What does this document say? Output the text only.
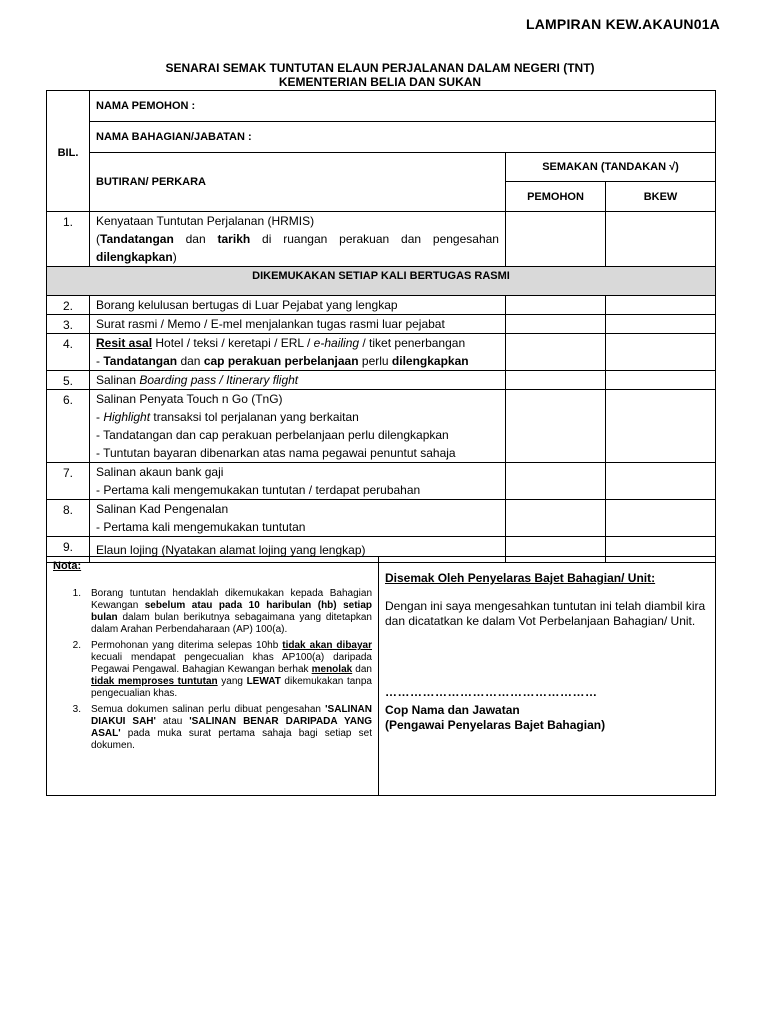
LAMPIRAN KEW.AKAUN01A
SENARAI SEMAK TUNTUTAN ELAUN PERJALANAN DALAM NEGERI (TNT)
KEMENTERIAN BELIA DAN SUKAN
BIL.	NAMA PEMOHON :		
	NAMA BAHAGIAN/JABATAN :		
	BUTIRAN/ PERKARA	SEMAKAN (TANDAKAN √)	
		PEMOHON	BKEW
1.	Kenyataan Tuntutan Perjalanan (HRMIS)
(Tandatangan dan tarikh di ruangan perakuan dan pengesahan
dilengkapkan)		

DIKEMUKAKAN SETIAP KALI BERTUGAS RASMI			
2.	Borang kelulusan bertugas di Luar Pejabat yang lengkap		
3.	Surat rasmi / Memo / E-mel menjalankan tugas rasmi luar pejabat		
4.	Resit asal Hotel / teksi / keretapi / ERL / e-hailing / tiket penerbangan
- Tandatangan dan cap perakuan perbelanjaan perlu dilengkapkan		

5.	Salinan Boarding pass / Itinerary flight		
6.	Salinan Penyata Touch n Go (TnG)
- Highlight transaksi tol perjalanan yang berkaitan
- Tandatangan dan cap perakuan perbelanjaan perlu dilengkapkan
- Tuntutan bayaran dibenarkan atas nama pegawai penuntut sahaja		

7.	Salinan akaun bank gaji
- Pertama kali mengemukakan tuntutan / terdapat perubahan		

8.	Salinan Kad Pengenalan
- Pertama kali mengemukakan tuntutan		

9.	Elaun lojing (Nyatakan alamat lojing yang lengkap)		
Nota:
1.	Borang tuntutan hendaklah dikemukakan kepada Bahagian Kewangan sebelum atau pada 10 haribulan (hb) setiap bulan dalam bulan berikutnya sebagaimana yang ditetapkan dalam Arahan Perbendaharaan (AP) 100(a).
2.	Permohonan yang diterima selepas 10hb tidak akan dibayar kecuali mendapat pengecualian khas AP100(a) daripada Pegawai Pengawal. Bahagian Kewangan berhak menolak dan tidak memproses tuntutan yang LEWAT dikemukakan tanpa pengecualian khas.
3.	Semua dokumen salinan perlu dibuat pengesahan 'SALINAN DIAKUI SAH' atau 'SALINAN BENAR DARIPADA YANG ASAL' pada muka surat pertama sahaja bagi setiap set dokumen.

Disemak Oleh Penyelaras Bajet Bahagian/ Unit:
Dengan ini saya mengesahkan tuntutan ini telah diambil kira dan dicatatkan ke dalam Vot Perbelanjaan Bahagian/ Unit.
……………………………………………
Cop Nama dan Jawatan
(Pengawai Penyelaras Bajet Bahagian)
